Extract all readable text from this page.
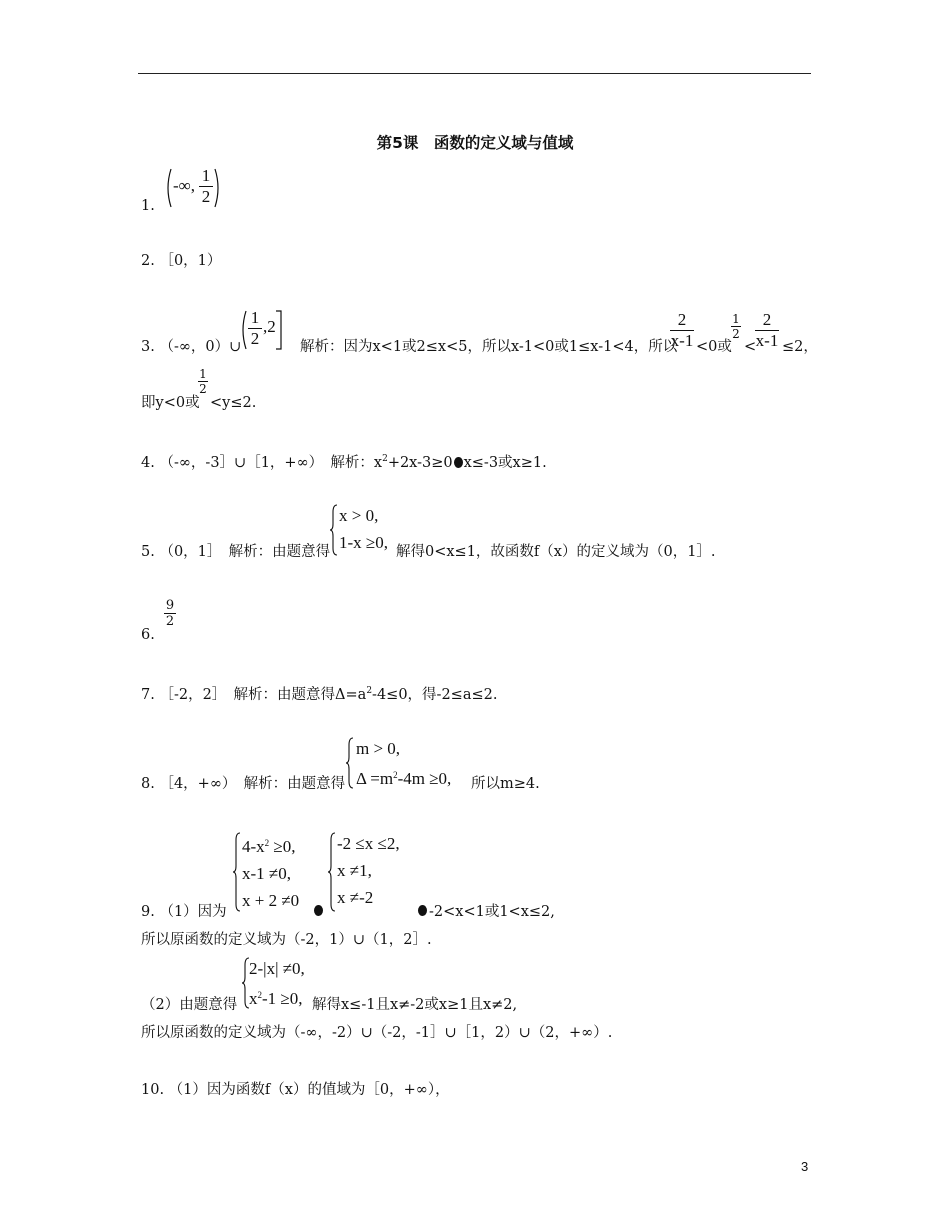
第5课　函数的定义域与值域
1.
-∞, $\frac{1}{2}$
2. ［0，1）
3. （-∞，0）∪ $\frac{1}{2} ,2$
解析：因为x<1或2≤x<5，所以x-1<0或1≤x-1<4，所以
$\frac{2}{x-1} <0$或
$\frac{1}{2}$
<
$\frac{2}{x-1} \le 2$，
即y<0或
$\frac{1}{2}$
<y≤2.
4. （-∞，-3］∪［1，+∞）　解析：$x^2+2x-3\ge 0$ x≤-3或x≥1.
5. （0，1］　解析：由题意得
x > 0,
1-x ≥0, 解得0<x≤1，故函数f（x）的定义域为（0，1］.
6.
$\frac{9}{2}$
7. ［-2，2］　解析：由题意得$\Delta=a^2-4\le 0$，得-2≤a≤2.
8. ［4，+∞）　解析：由题意得
m > 0,
$\Delta =m^2-4m \ge 0$, 所以m≥4.
9. （1）因为
$4-x^2 \ge 0$,
x-1 ≠0,
x + 2 ≠0
-2 ≤x ≤2,
x ≠1,
x ≠-2
-2<x<1或1<x≤2,
所以原函数的定义域为（-2，1）∪（1，2］.
（2）由题意得
2-|x| ≠0,
$x^2-1 \ge 0$, 解得x≤-1且x≠-2或x≥1且x≠2,
所以原函数的定义域为（-∞，-2）∪（-2，-1］∪［1，2）∪（2，+∞）.
10. （1）因为函数f（x）的值域为［0，+∞），
3
